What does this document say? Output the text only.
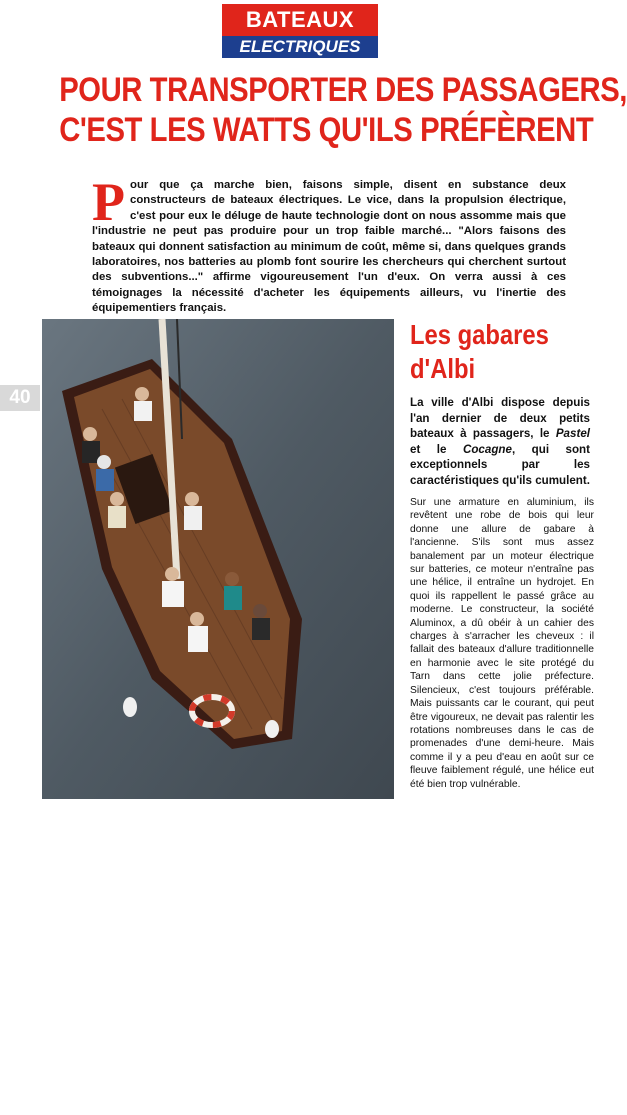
BATEAUX
ELECTRIQUES
POUR TRANSPORTER DES PASSAGERS,
C'EST LES WATTS QU'ILS PRÉFÈRENT

Pour que ça marche bien, faisons simple, disent en substance deux constructeurs de bateaux électriques. Le vice, dans la propulsion électrique, c'est pour eux le déluge de haute technologie dont on nous assomme mais que l'industrie ne peut pas produire pour un trop faible marché... "Alors faisons des bateaux qui donnent satisfaction au minimum de coût, même si, dans quelques grands laboratoires, nos batteries au plomb font sourire les chercheurs qui cherchent surtout des subventions..." affirme vigoureusement l'un d'eux. On verra aussi à ces témoignages la nécessité d'acheter les équipements ailleurs, vu l'inertie des équipementiers français.

40
Photos Ville d'Albi
Les gabares
d'Albi

La ville d'Albi dispose depuis l'an dernier de deux petits bateaux à passagers, le Pastel et le Cocagne, qui sont exceptionnels par les caractéristiques qu'ils cumulent.

Sur une armature en aluminium, ils revêtent une robe de bois qui leur donne une allure de gabare à l'ancienne. S'ils sont mus assez banalement par un moteur électrique sur batteries, ce moteur n'entraîne pas une hélice, il entraîne un hydrojet. En quoi ils rappellent le passé grâce au moderne. Le constructeur, la société Aluminox, a dû obéir à un cahier des charges à s'arracher les cheveux : il fallait des bateaux d'allure traditionnelle en harmonie avec le site protégé du Tarn dans cette jolie préfecture. Silencieux, c'est toujours préférable. Mais puissants car le courant, qui peut être vigoureux, ne devait pas ralentir les rotations nombreuses dans le cas de promenades d'une demi-heure. Mais comme il y a peu d'eau en août sur ce fleuve faiblement régulé, une hélice eut été bien trop vulnérable.
